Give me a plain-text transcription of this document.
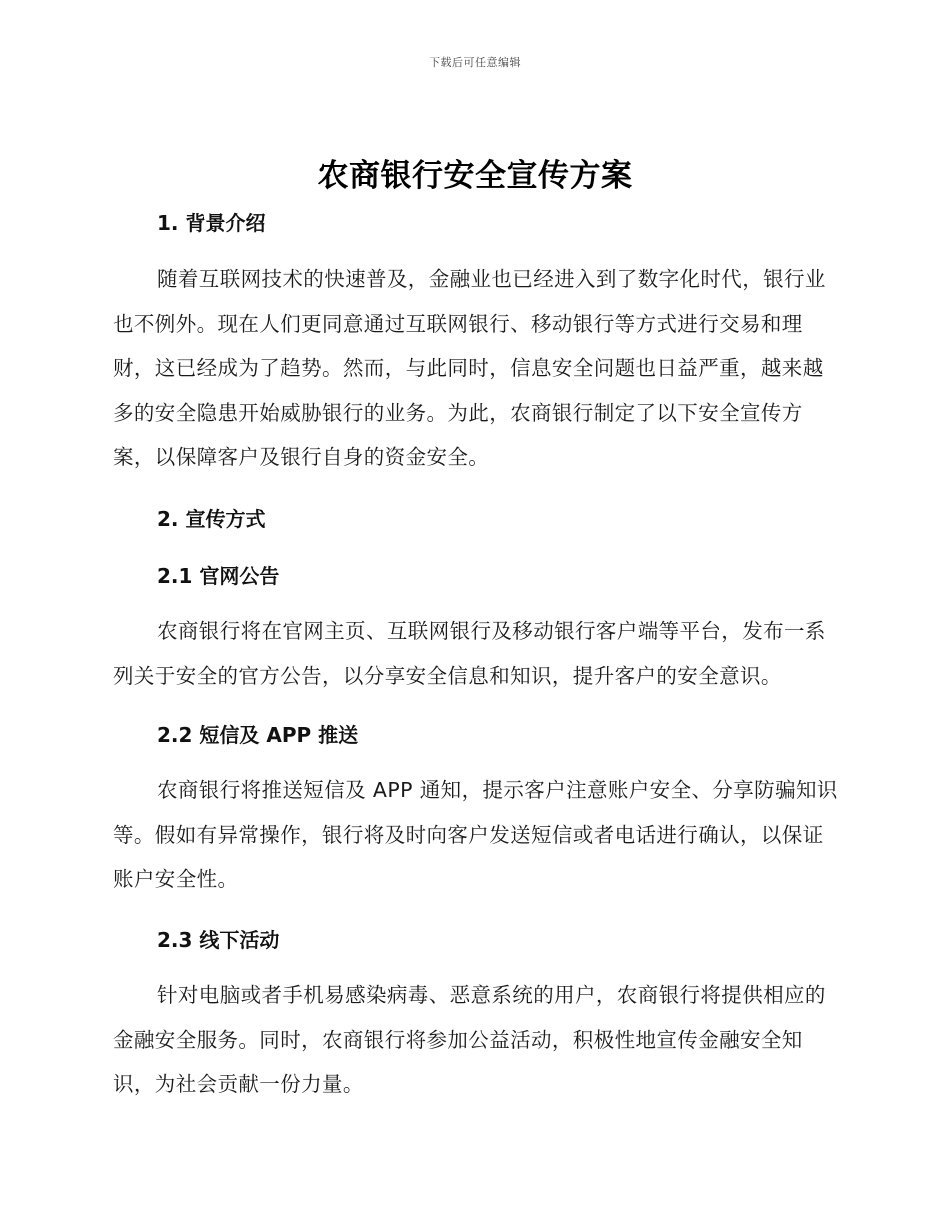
下载后可任意编辑
农商银行安全宣传方案
1. 背景介绍

随着互联网技术的快速普及，金融业也已经进入到了数字化时代，银行业也不例外。现在人们更同意通过互联网银行、移动银行等方式进行交易和理财，这已经成为了趋势。然而，与此同时，信息安全问题也日益严重，越来越多的安全隐患开始威胁银行的业务。为此，农商银行制定了以下安全宣传方案，以保障客户及银行自身的资金安全。

2. 宣传方式
2.1 官网公告

农商银行将在官网主页、互联网银行及移动银行客户端等平台，发布一系列关于安全的官方公告，以分享安全信息和知识，提升客户的安全意识。

2.2 短信及 APP 推送

农商银行将推送短信及 APP 通知，提示客户注意账户安全、分享防骗知识等。假如有异常操作，银行将及时向客户发送短信或者电话进行确认，以保证账户安全性。

2.3 线下活动

针对电脑或者手机易感染病毒、恶意系统的用户，农商银行将提供相应的金融安全服务。同时，农商银行将参加公益活动，积极性地宣传金融安全知识，为社会贡献一份力量。
